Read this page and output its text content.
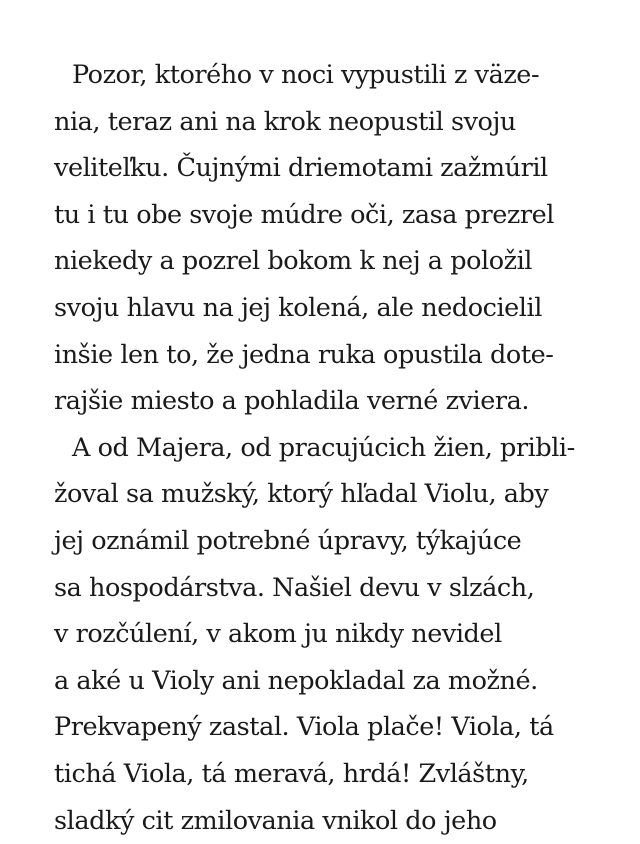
Pozor, ktorého v noci vypustili z väze-
nia, teraz ani na krok neopustil svoju
veliteľku. Čujnými driemotami zažmúril
tu i tu obe svoje múdre oči, zasa prezrel
niekedy a pozrel bokom k nej a položil
svoju hlavu na jej kolená, ale nedocielil
inšie len to, že jedna ruka opustila dote-
rajšie miesto a pohladila verné zviera.
A od Majera, od pracujúcich žien, pribli-
žoval sa mužský, ktorý hľadal Violu, aby
jej oznámil potrebné úpravy, týkajúce
sa hospodárstva. Našiel devu v slzách,
v rozčúlení, v akom ju nikdy nevidel
a aké u Violy ani nepokladal za možné.
Prekvapený zastal. Viola plače! Viola, tá
tichá Viola, tá meravá, hrdá! Zvláštny,
sladký cit zmilovania vnikol do jeho
